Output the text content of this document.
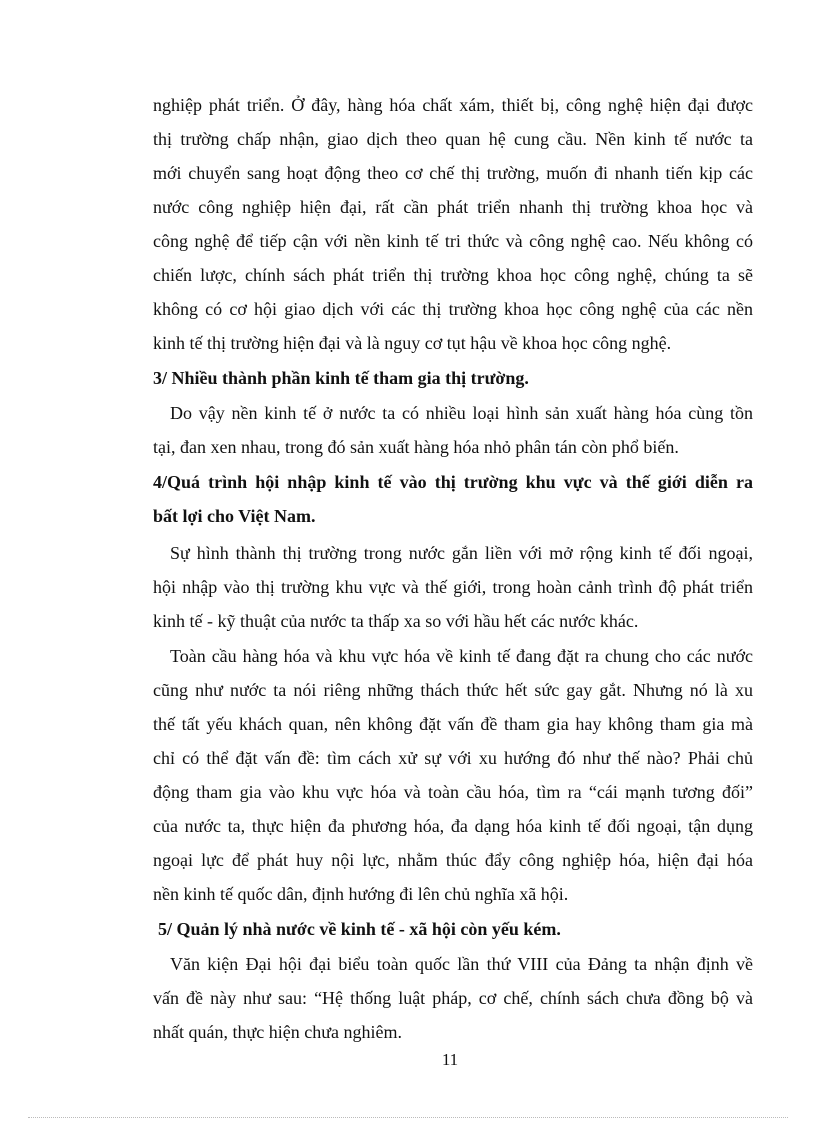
nghiệp phát triển. Ở đây, hàng hóa chất xám, thiết bị, công nghệ hiện đại được
thị trường chấp nhận, giao dịch theo quan hệ cung cầu. Nền kinh tế nước ta
mới chuyển sang hoạt động theo cơ chế thị trường, muốn đi nhanh tiến kịp các
nước công nghiệp hiện đại, rất cần phát triển nhanh thị trường khoa học và
công nghệ để tiếp cận với nền kinh tế tri thức và công nghệ cao. Nếu không có
chiến lược, chính sách phát triển thị trường khoa học công nghệ, chúng ta sẽ
không có cơ hội giao dịch với các thị trường khoa học công nghệ của các nền
kinh tế thị trường hiện đại và là nguy cơ tụt hậu về khoa học công nghệ.
3/ Nhiều thành phần kinh tế tham gia thị trường.
Do vậy nền kinh tế ở nước ta có nhiều loại hình sản xuất hàng hóa cùng tồn
tại, đan xen nhau, trong đó sản xuất hàng hóa nhỏ phân tán còn phổ biến.
4/Quá trình hội nhập kinh tế vào thị trường khu vực và thế giới diễn ra
bất lợi cho Việt Nam.
Sự hình thành thị trường trong nước gắn liền với mở rộng kinh tế đối ngoại,
hội nhập vào thị trường khu vực và thế giới, trong hoàn cảnh trình độ phát triển
kinh tế - kỹ thuật của nước ta thấp xa so với hầu hết các nước khác.
Toàn cầu hàng hóa và khu vực hóa về kinh tế đang đặt ra chung cho các nước
cũng như nước ta nói riêng những thách thức hết sức gay gắt. Nhưng nó là xu
thế tất yếu khách quan, nên không đặt vấn đề tham gia hay không tham gia mà
chỉ có thể đặt vấn đề: tìm cách xử sự với xu hướng đó như thế nào? Phải chủ
động tham gia vào khu vực hóa và toàn cầu hóa, tìm ra “cái mạnh tương đối”
của nước ta, thực hiện đa phương hóa, đa dạng hóa kinh tế đối ngoại, tận dụng
ngoại lực để phát huy nội lực, nhằm thúc đẩy công nghiệp hóa, hiện đại hóa
nền kinh tế quốc dân, định hướng đi lên chủ nghĩa xã hội.
5/ Quản lý nhà nước về kinh tế - xã hội còn yếu kém.
Văn kiện Đại hội đại biểu toàn quốc lần thứ VIII của Đảng ta nhận định về
vấn đề này như sau: “Hệ thống luật pháp, cơ chế, chính sách chưa đồng bộ và
nhất quán, thực hiện chưa nghiêm.
11
